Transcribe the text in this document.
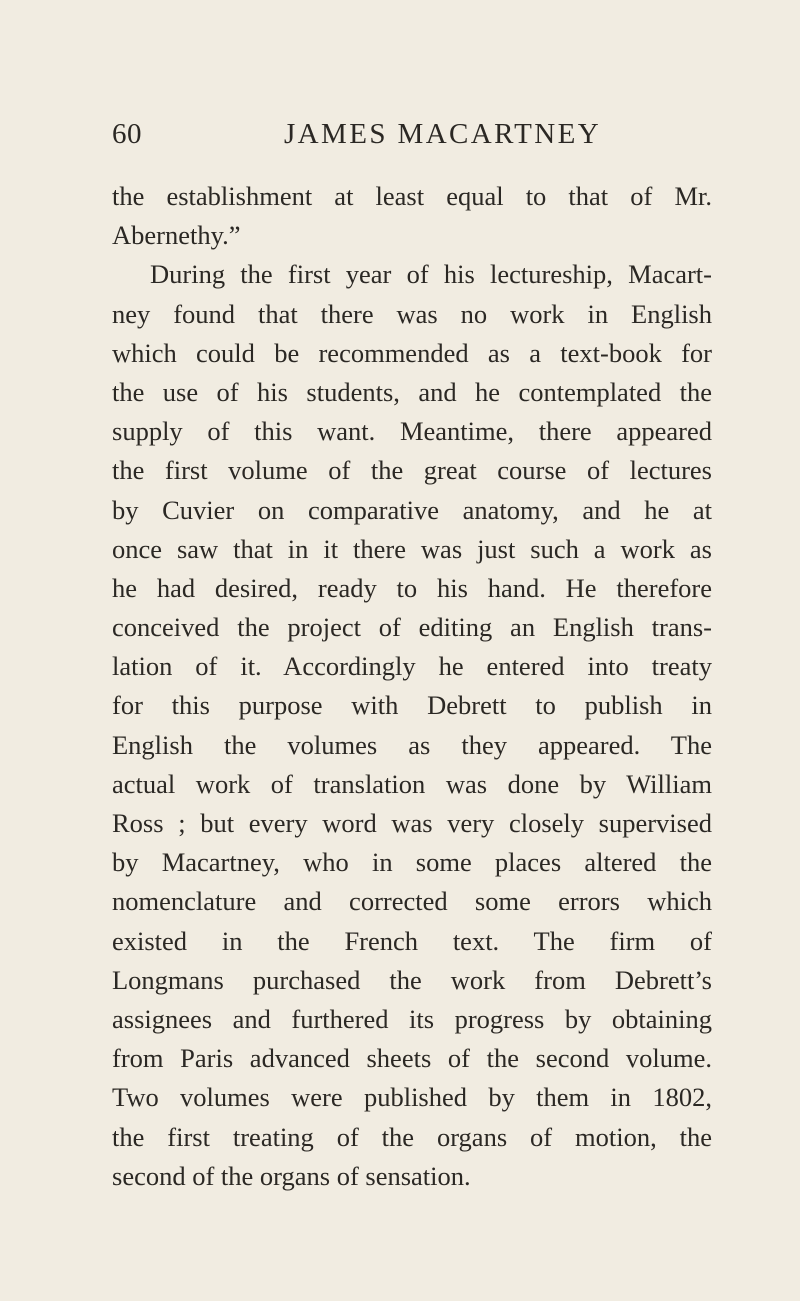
60	JAMES MACARTNEY
the establishment at least equal to that of Mr.
Abernethy.”
During the first year of his lectureship, Macart-
ney found that there was no work in English
which could be recommended as a text-book for
the use of his students, and he contemplated the
supply of this want. Meantime, there appeared
the first volume of the great course of lectures
by Cuvier on comparative anatomy, and he at
once saw that in it there was just such a work as
he had desired, ready to his hand. He therefore
conceived the project of editing an English trans-
lation of it. Accordingly he entered into treaty
for this purpose with Debrett to publish in
English the volumes as they appeared. The
actual work of translation was done by William
Ross ; but every word was very closely supervised
by Macartney, who in some places altered the
nomenclature and corrected some errors which
existed in the French text. The firm of
Longmans purchased the work from Debrett’s
assignees and furthered its progress by obtaining
from Paris advanced sheets of the second volume.
Two volumes were published by them in 1802,
the first treating of the organs of motion, the
second of the organs of sensation.
